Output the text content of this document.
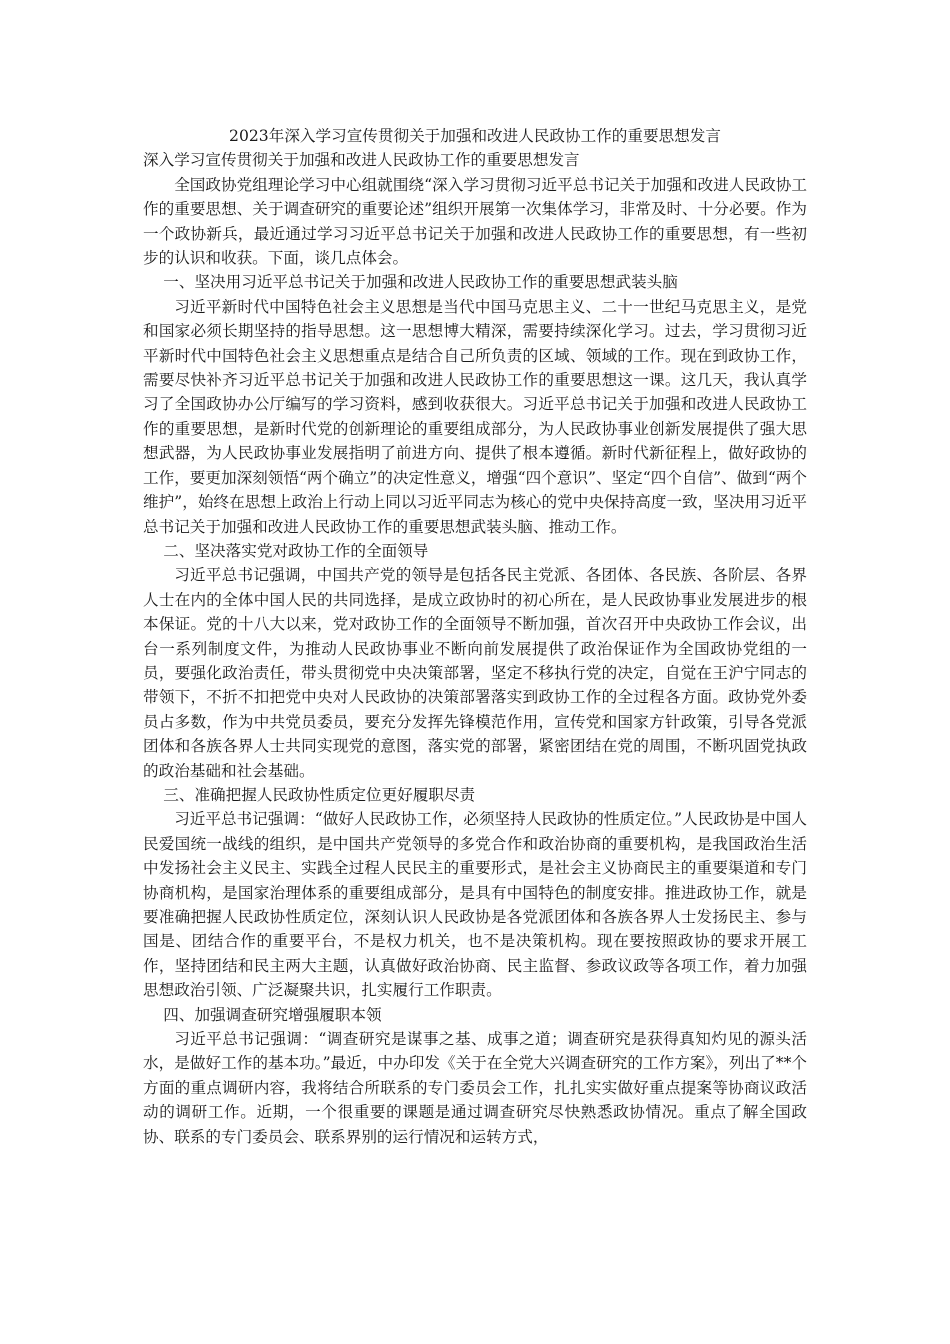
2023年深入学习宣传贯彻关于加强和改进人民政协工作的重要思想发言
深入学习宣传贯彻关于加强和改进人民政协工作的重要思想发言

全国政协党组理论学习中心组就围绕“深入学习贯彻习近平总书记关于加强和改进人民政协工作的重要思想、关于调查研究的重要论述”组织开展第一次集体学习，非常及时、十分必要。作为一个政协新兵，最近通过学习习近平总书记关于加强和改进人民政协工作的重要思想，有一些初步的认识和收获。下面，谈几点体会。

一、坚决用习近平总书记关于加强和改进人民政协工作的重要思想武装头脑

习近平新时代中国特色社会主义思想是当代中国马克思主义、二十一世纪马克思主义，是党和国家必须长期坚持的指导思想。这一思想博大精深，需要持续深化学习。过去，学习贯彻习近平新时代中国特色社会主义思想重点是结合自己所负责的区域、领域的工作。现在到政协工作，需要尽快补齐习近平总书记关于加强和改进人民政协工作的重要思想这一课。这几天，我认真学习了全国政协办公厅编写的学习资料，感到收获很大。习近平总书记关于加强和改进人民政协工作的重要思想，是新时代党的创新理论的重要组成部分，为人民政协事业创新发展提供了强大思想武器，为人民政协事业发展指明了前进方向、提供了根本遵循。新时代新征程上，做好政协的工作，要更加深刻领悟“两个确立”的决定性意义，增强“四个意识”、坚定“四个自信”、做到“两个维护”，始终在思想上政治上行动上同以习近平同志为核心的党中央保持高度一致，坚决用习近平总书记关于加强和改进人民政协工作的重要思想武装头脑、推动工作。

二、坚决落实党对政协工作的全面领导

习近平总书记强调，中国共产党的领导是包括各民主党派、各团体、各民族、各阶层、各界人士在内的全体中国人民的共同选择，是成立政协时的初心所在，是人民政协事业发展进步的根本保证。党的十八大以来，党对政协工作的全面领导不断加强，首次召开中央政协工作会议，出台一系列制度文件，为推动人民政协事业不断向前发展提供了政治保证作为全国政协党组的一员，要强化政治责任，带头贯彻党中央决策部署，坚定不移执行党的决定，自觉在王沪宁同志的带领下，不折不扣把党中央对人民政协的决策部署落实到政协工作的全过程各方面。政协党外委员占多数，作为中共党员委员，要充分发挥先锋模范作用，宣传党和国家方针政策，引导各党派团体和各族各界人士共同实现党的意图，落实党的部署，紧密团结在党的周围，不断巩固党执政的政治基础和社会基础。

三、准确把握人民政协性质定位更好履职尽责

习近平总书记强调：“做好人民政协工作，必须坚持人民政协的性质定位。”人民政协是中国人民爱国统一战线的组织，是中国共产党领导的多党合作和政治协商的重要机构，是我国政治生活中发扬社会主义民主、实践全过程人民民主的重要形式，是社会主义协商民主的重要渠道和专门协商机构，是国家治理体系的重要组成部分，是具有中国特色的制度安排。推进政协工作，就是要准确把握人民政协性质定位，深刻认识人民政协是各党派团体和各族各界人士发扬民主、参与国是、团结合作的重要平台，不是权力机关，也不是决策机构。现在要按照政协的要求开展工作，坚持团结和民主两大主题，认真做好政治协商、民主监督、参政议政等各项工作，着力加强思想政治引领、广泛凝聚共识，扎实履行工作职责。

四、加强调查研究增强履职本领

习近平总书记强调：“调查研究是谋事之基、成事之道；调查研究是获得真知灼见的源头活水，是做好工作的基本功。”最近，中办印发《关于在全党大兴调查研究的工作方案》，列出了**个方面的重点调研内容，我将结合所联系的专门委员会工作，扎扎实实做好重点提案等协商议政活动的调研工作。近期，一个很重要的课题是通过调查研究尽快熟悉政协情况。重点了解全国政协、联系的专门委员会、联系界别的运行情况和运转方式，
